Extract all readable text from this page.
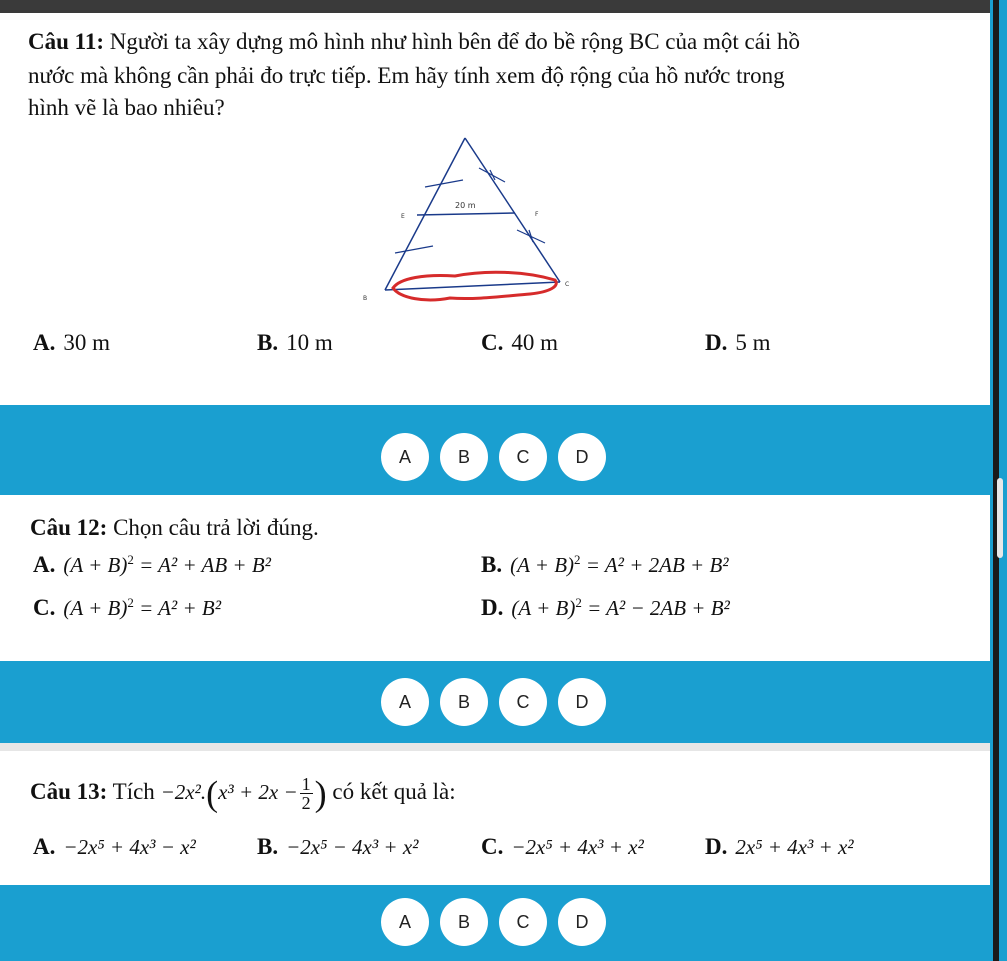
Câu 11: Người ta xây dựng mô hình như hình bên để đo bề rộng BC của một cái hồ
nước mà không cần phải đo trực tiếp. Em hãy tính xem độ rộng của hồ nước trong
hình vẽ là bao nhiêu?
20 m
E	F
B
C
A. 30 m	B. 10 m	C. 40 m	D. 5 m
A	B	C	D
Câu 12: Chọn câu trả lời đúng.
A. $(A + B)^2 = A^2$ + AB + B²	B. $(A + B)^2 = A^2 + 2AB + B^2$
C. $(A + B)^2 = A^2 + B^2$	D. $(A + B)^2 = A^2 - 2AB + B^2$
A	B	C	D
Câu 13: Tích $-2x^2.(x^3 + 2x - \frac{1}{2}$ ) có kết quả là:
A. −2x⁵ + 4x³ − x²	B. −2x⁵ − 4x³ + x²	C. −2x⁵ + 4x³ + x²	D. 2x⁵ + 4x³ + x²
A	B	C	D
